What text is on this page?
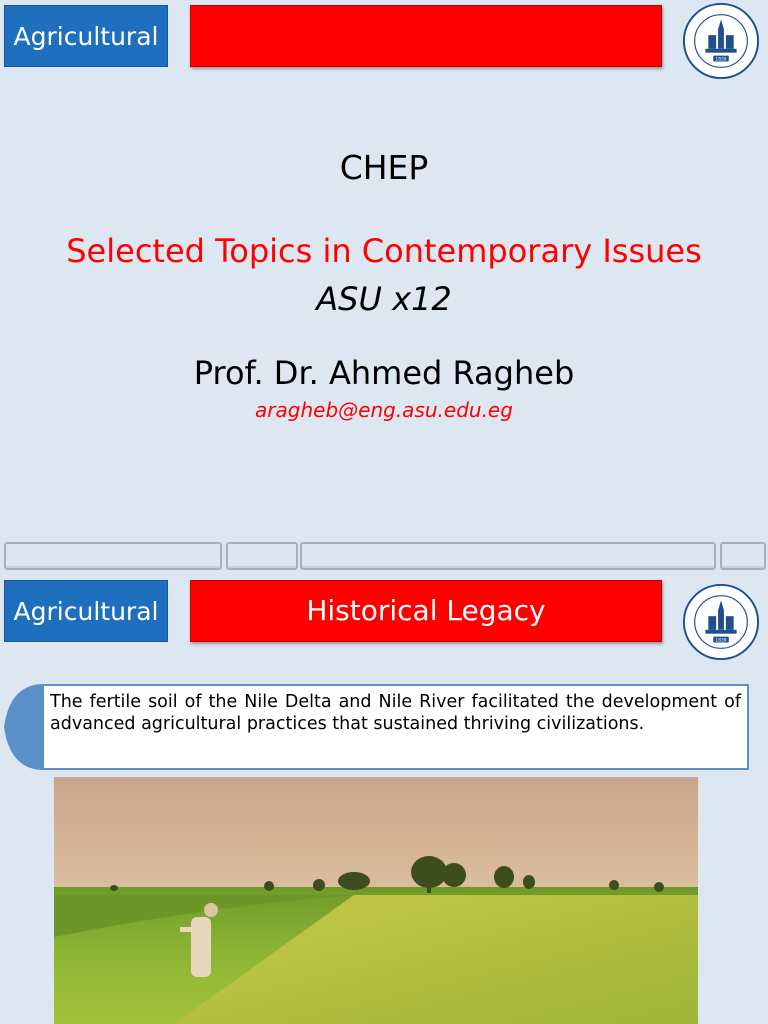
Agricultural
1839
CHEP
Selected Topics in Contemporary Issues
ASU x12
Prof. Dr. Ahmed Ragheb
aragheb@eng.asu.edu.eg
Agricultural	Historical Legacy
1839
The fertile soil of the Nile Delta and Nile River facilitated the development of advanced agricultural practices that sustained thriving civilizations.
